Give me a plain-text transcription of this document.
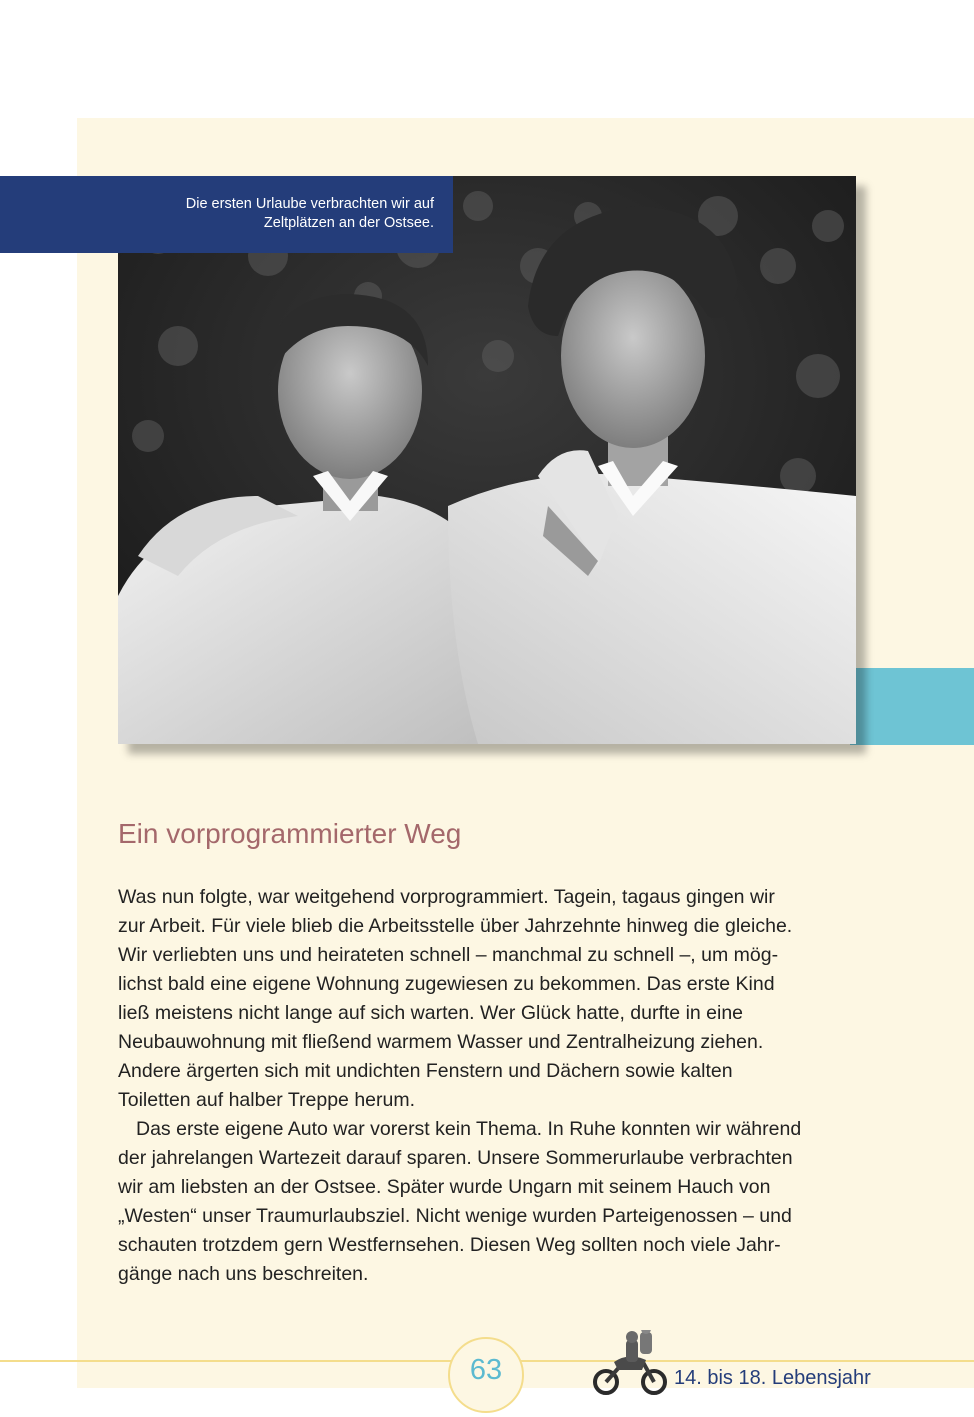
Die ersten Urlaube verbrachten wir auf
Zeltplätzen an der Ostsee.
Ein vorprogrammierter Weg

Was nun folgte, war weitgehend vorprogrammiert. Tagein, tagaus gingen wir
zur Arbeit. Für viele blieb die Arbeitsstelle über Jahrzehnte hinweg die gleiche.
Wir verliebten uns und heirateten schnell – manchmal zu schnell –, um mög-
lichst bald eine eigene Wohnung zugewiesen zu bekommen. Das erste Kind
ließ meistens nicht lange auf sich warten. Wer Glück hatte, durfte in eine
Neubauwohnung mit fließend warmem Wasser und Zentralheizung ziehen.
Andere ärgerten sich mit undichten Fenstern und Dächern sowie kalten
Toiletten auf halber Treppe herum.

Das erste eigene Auto war vorerst kein Thema. In Ruhe konnten wir während
der jahrelangen Wartezeit darauf sparen. Unsere Sommerurlaube verbrachten
wir am liebsten an der Ostsee. Später wurde Ungarn mit seinem Hauch von
„Westen“ unser Traumurlaubsziel. Nicht wenige wurden Parteigenossen – und
schauten trotzdem gern Westfernsehen. Diesen Weg sollten noch viele Jahr-
gänge nach uns beschreiten.

63	14. bis 18. Lebensjahr
